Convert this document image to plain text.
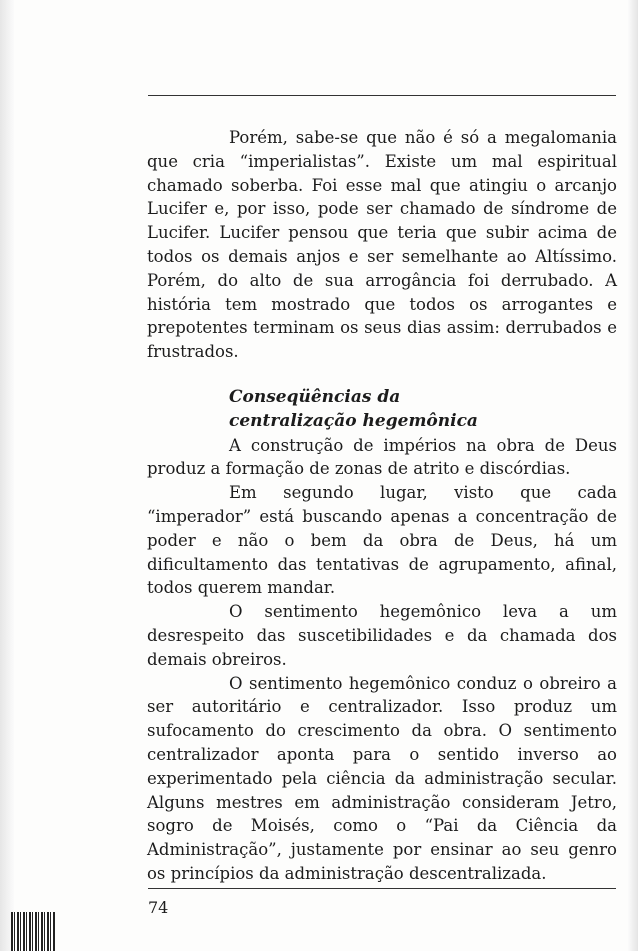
Porém, sabe-se que não é só a megalomania que cria “imperialistas”. Existe um mal espiritual chamado soberba. Foi esse mal que atingiu o arcanjo Lucifer e, por isso, pode ser chamado de síndrome de Lucifer. Lucifer pensou que teria que subir acima de todos os demais anjos e ser semelhante ao Altíssimo. Porém, do alto de sua arrogância foi derrubado. A história tem mostrado que todos os arrogantes e prepotentes terminam os seus dias assim: derrubados e frustrados.

Conseqüências da
centralização hegemônica

A construção de impérios na obra de Deus produz a formação de zonas de atrito e discórdias.

Em segundo lugar, visto que cada “imperador” está buscando apenas a concentração de poder e não o bem da obra de Deus, há um dificultamento das tentativas de agrupamento, afinal, todos querem mandar.

O sentimento hegemônico leva a um desrespeito das suscetibilidades e da chamada dos demais obreiros.

O sentimento hegemônico conduz o obreiro a ser autoritário e centralizador. Isso produz um sufocamento do crescimento da obra. O sentimento centralizador aponta para o sentido inverso ao experimentado pela ciência da administração secular. Alguns mestres em administração consideram Jetro, sogro de Moisés, como o “Pai da Ciência da Administração”, justamente por ensinar ao seu genro os princípios da administração descentralizada.

74
